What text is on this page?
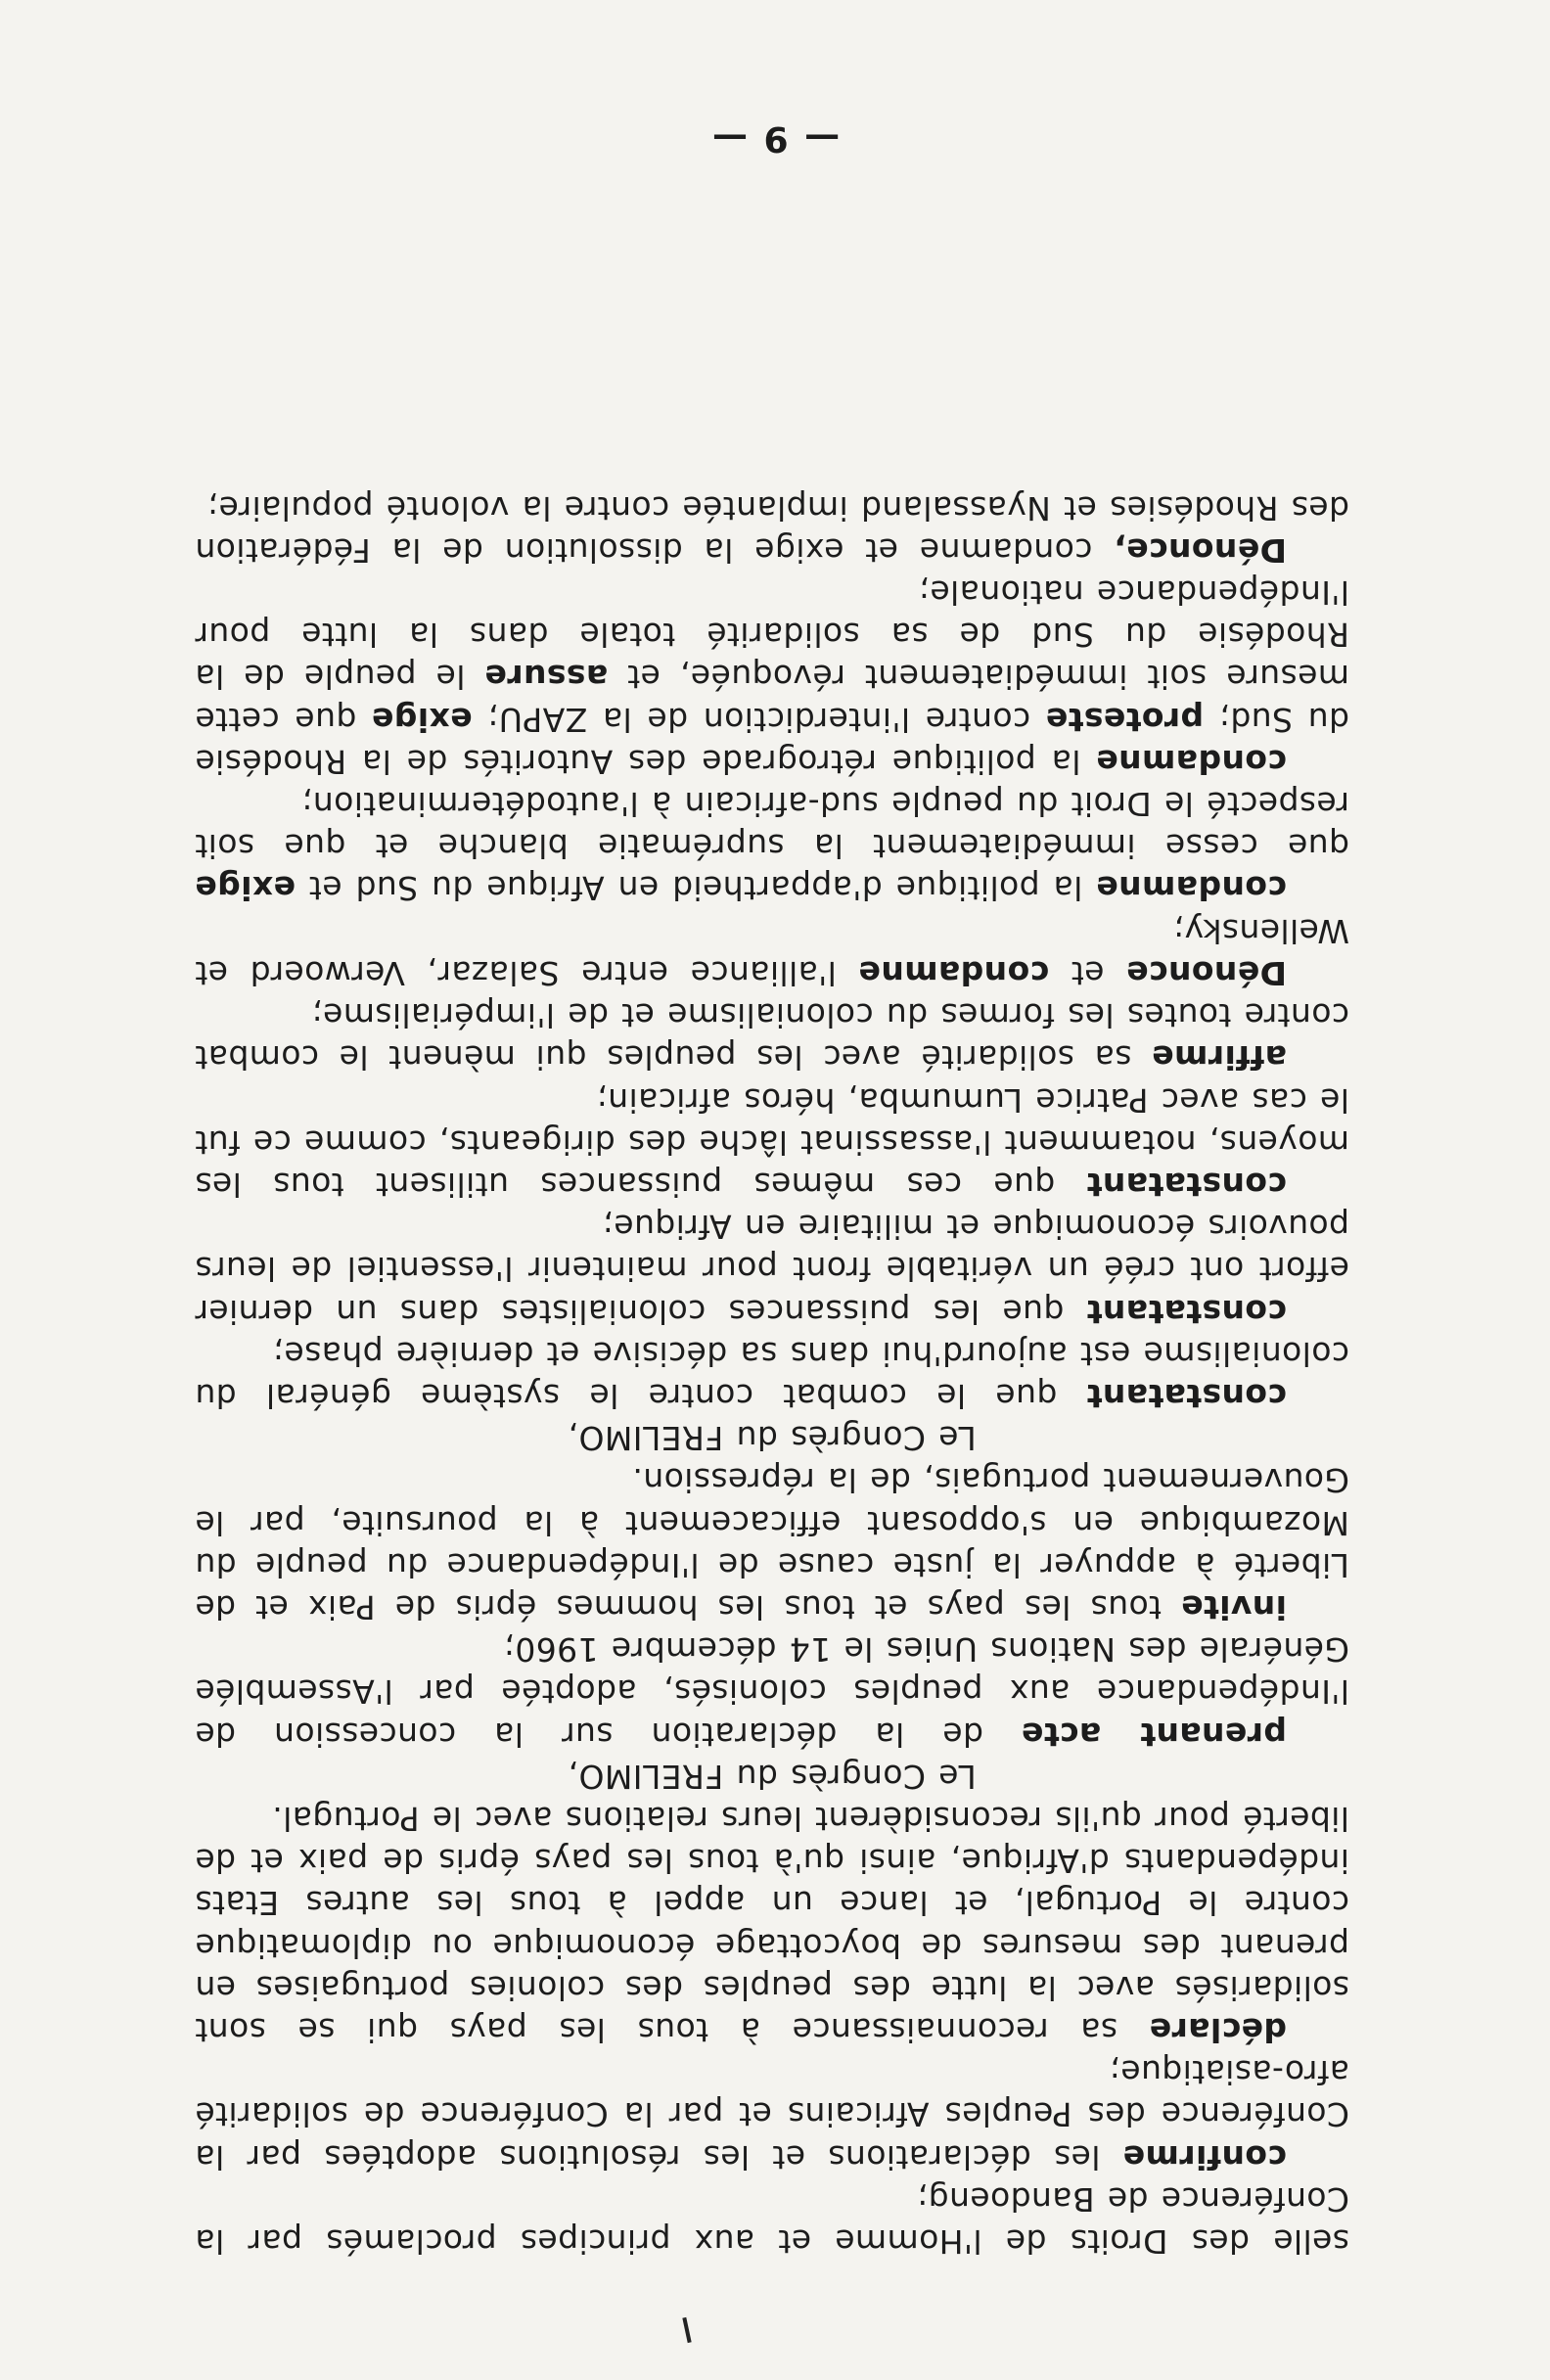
selle des Droits de l'Homme et aux principes proclamés par la Conférence de Bandoeng;

confirme les déclarations et les résolutions adoptées par la Conférence des Peuples Africains et par la Conférence de solidarité afro-asiatique;

déclare sa reconnaissance à tous les pays qui se sont solidarisés avec la lutte des peuples des colonies portugaises en prenant des mesures de boycottage économique ou diplomatique contre le Portugal, et lance un appel à tous les autres Etats indépendants d'Afrique, ainsi qu'à tous les pays épris de paix et de liberté pour qu'ils reconsidèrent leurs relations avec le Portugal.

Le Congrès du FRELIMO,

prenant acte de la déclaration sur la concession de l'Indépendance aux peuples colonisés, adoptée par l'Assemblée Générale des Nations Unies le 14 décembre 1960;

invite tous les pays et tous les hommes épris de Paix et de Liberté à appuyer la juste cause de l'Indépendance du peuple du Mozambique en s'opposant efficacement à la poursuite, par le Gouvernement portugais, de la répression.

Le Congrès du FRELIMO,

constatant que le combat contre le système général du colonialisme est aujourd'hui dans sa décisive et dernière phase;

constatant que les puissances colonialistes dans un dernier effort ont créé un véritable front pour maintenir l'essentiel de leurs pouvoirs économique et militaire en Afrique;

constatant que ces mêmes puissances utilisent tous les moyens, notamment l'assassinat lâche des dirigeants, comme ce fut le cas avec Patrice Lumumba, héros africain;

affirme sa solidarité avec les peuples qui mènent le combat contre toutes les formes du colonialisme et de l'impérialisme;

Dénonce et condamne l'alliance entre Salazar, Verwoerd et Wellensky;

condamne la politique d'appartheid en Afrique du Sud et exige que cesse immédiatement la suprématie blanche et que soit respecté le Droit du peuple sud-africain à l'autodétermination;

condamne la politique rétrograde des Autorités de la Rhodésie du Sud; proteste contre l'interdiction de la ZAPU; exige que cette mesure soit immédiatement révoquée, et assure le peuple de la Rhodésie du Sud de sa solidarité totale dans la lutte pour l'Indépendance nationale;

Dénonce, condamne et exige la dissolution de la Fédération des Rhodésies et Nyassaland implantée contre la volonté populaire;

— 9 —
